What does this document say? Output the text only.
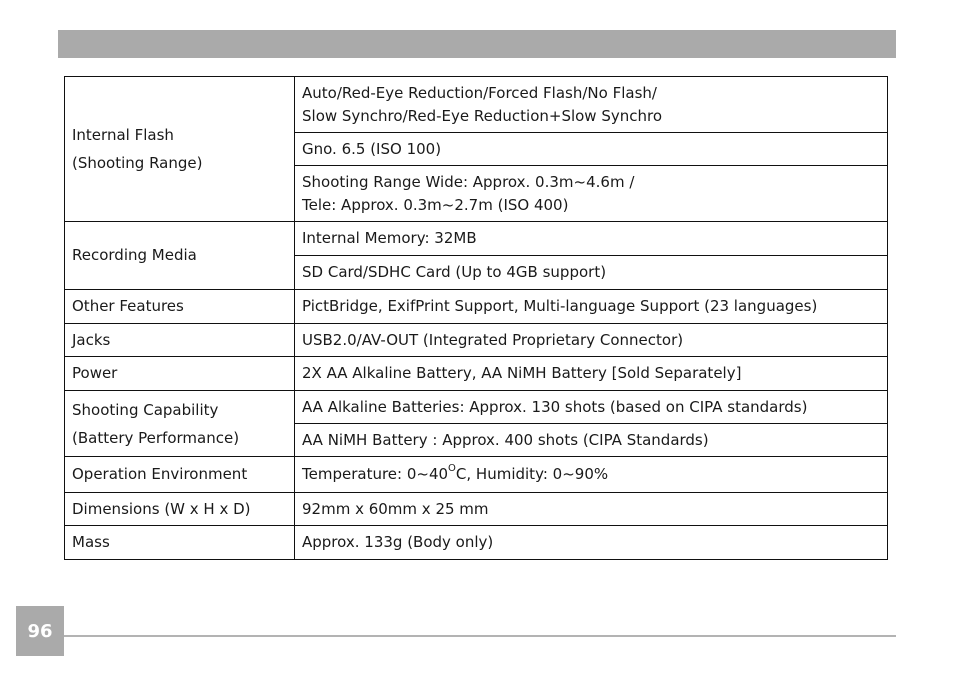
Internal Flash
(Shooting Range)	Auto/Red-Eye Reduction/Forced Flash/No Flash/
Slow Synchro/Red-Eye Reduction+Slow Synchro
	Gno. 6.5 (ISO 100)
	Shooting Range Wide: Approx. 0.3m~4.6m /
Tele: Approx. 0.3m~2.7m (ISO 400)
Recording Media	Internal Memory: 32MB
	SD Card/SDHC Card (Up to 4GB support)
Other Features	PictBridge, ExifPrint Support, Multi-language Support (23 languages)
Jacks	USB2.0/AV-OUT (Integrated Proprietary Connector)
Power	2X AA Alkaline Battery, AA NiMH Battery [Sold Separately]
Shooting Capability
(Battery Performance)	AA Alkaline Batteries: Approx. 130 shots (based on CIPA standards)
	AA NiMH Battery : Approx. 400 shots (CIPA Standards)
Operation Environment	Temperature: $0\sim 40^OC$, Humidity: 0~90%
Dimensions (W x H x D)	92mm x 60mm x 25 mm
Mass	Approx. 133g (Body only)
96
